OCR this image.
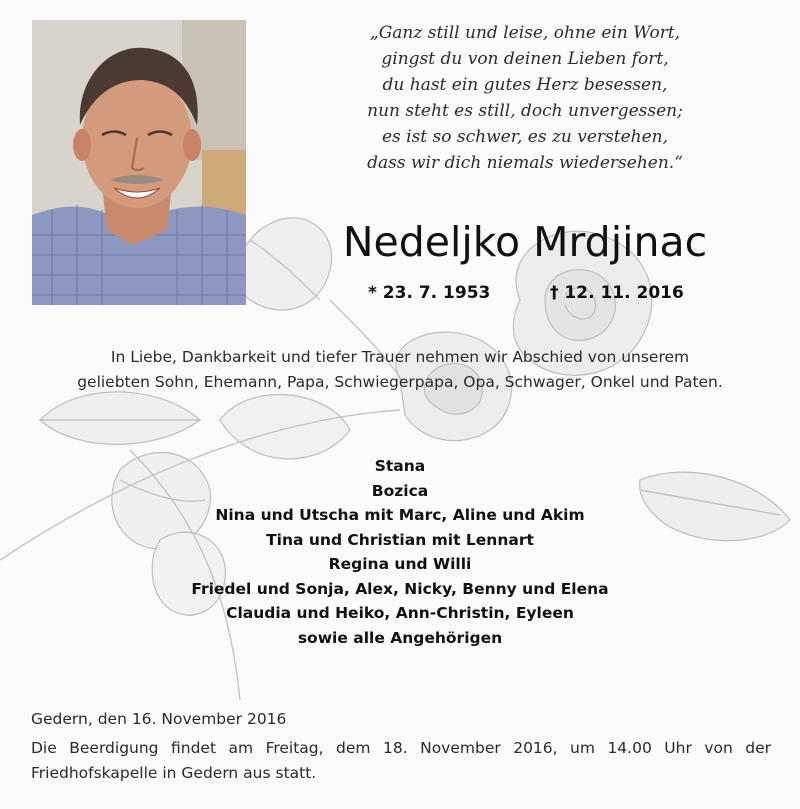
„Ganz still und leise, ohne ein Wort,
gingst du von deinen Lieben fort,
du hast ein gutes Herz besessen,
nun steht es still, doch unvergessen;
es ist so schwer, es zu verstehen,
dass wir dich niemals wiedersehen.“
Nedeljko Mrdjinac
* 23. 7. 1953	† 12. 11. 2016
In Liebe, Dankbarkeit und tiefer Trauer nehmen wir Abschied von unserem
geliebten Sohn, Ehemann, Papa, Schwiegerpapa, Opa, Schwager, Onkel und Paten.
Stana
Bozica
Nina und Utscha mit Marc, Aline und Akim
Tina und Christian mit Lennart
Regina und Willi
Friedel und Sonja, Alex, Nicky, Benny und Elena
Claudia und Heiko, Ann-Christin, Eyleen
sowie alle Angehörigen
Gedern, den 16. November 2016
Die Beerdigung findet am Freitag, dem 18. November 2016, um 14.00 Uhr von der Friedhofskapelle in Gedern aus statt.
